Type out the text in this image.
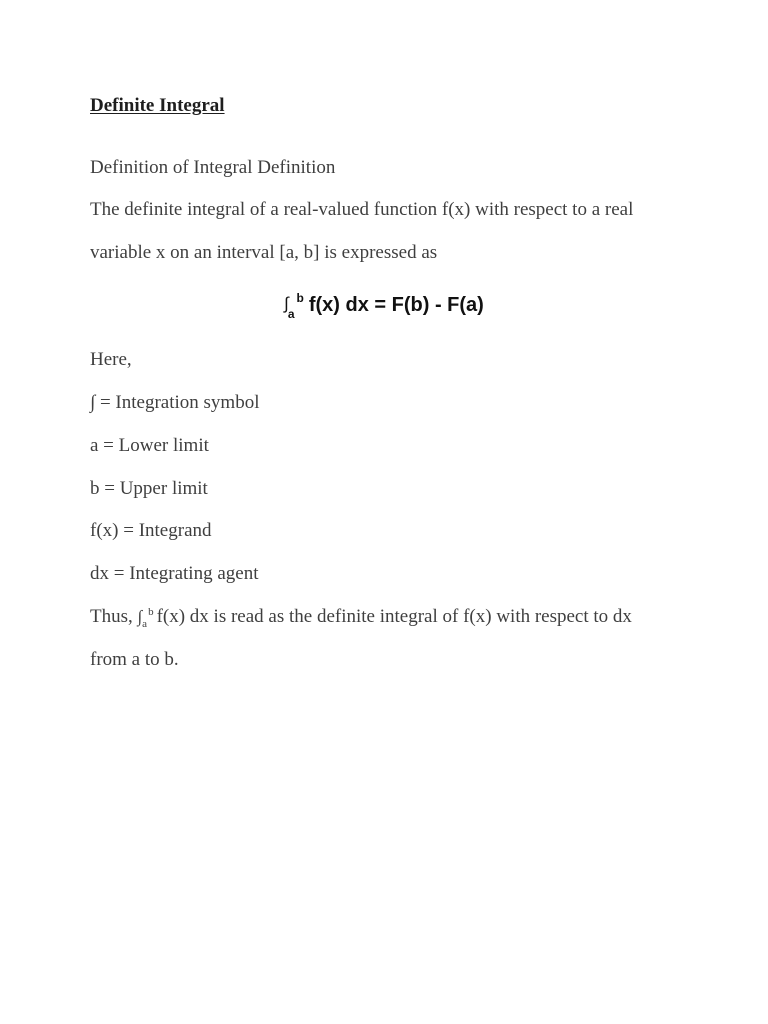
Definite Integral
Definition of Integral Definition
The definite integral of a real-valued function f(x) with respect to a real
variable x on an interval [a, b] is expressed as
$\int_a^b$ f(x) dx = F(b) - F(a)
Here,
∫ = Integration symbol
a = Lower limit
b = Upper limit
f(x) = Integrand
dx = Integrating agent
Thus, $\int_a^b$ f(x) dx is read as the definite integral of f(x) with respect to dx
from a to b.
